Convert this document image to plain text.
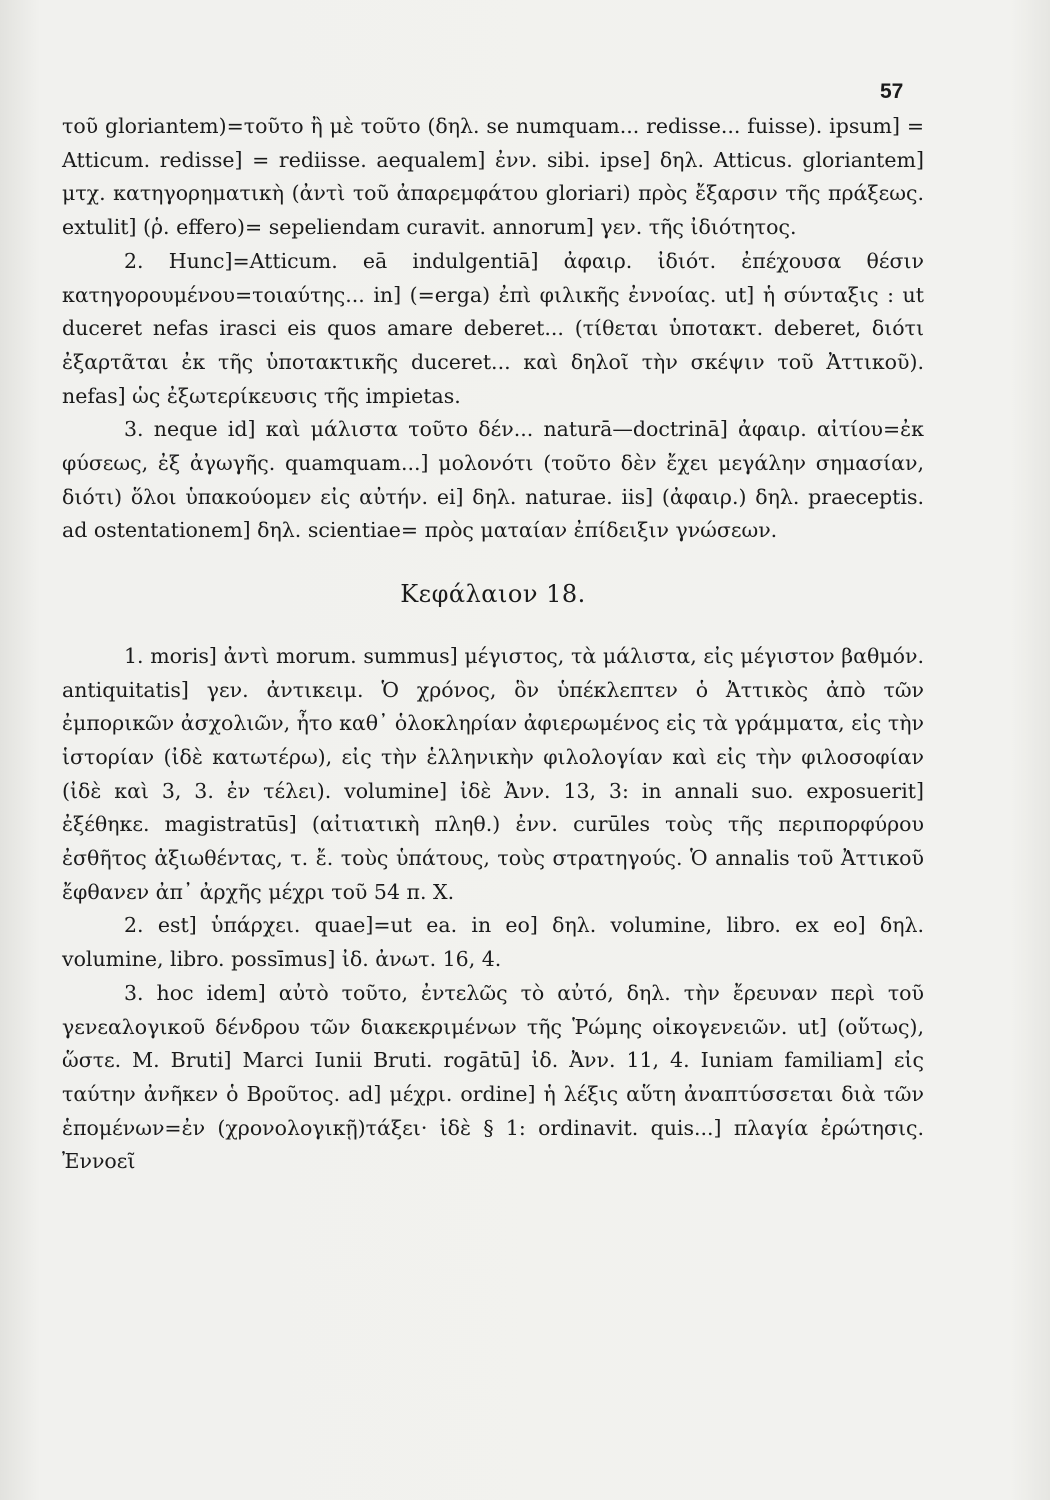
57

τοῦ gloriantem)=τοῦτο ἢ μὲ τοῦτο (δηλ. se numquam... redisse... fuisse). ipsum] = Atticum. redisse] = rediisse. aequalem] ἐνν. sibi. ipse] δηλ. Atticus. gloriantem] μτχ. κατηγορηματικὴ (ἀντὶ τοῦ ἀπαρεμφάτου gloriari) πρὸς ἔξαρσιν τῆς πράξεως. extulit] (ῥ. effero)= sepeliendam curavit. annorum] γεν. τῆς ἰδιότητος.

2. Hunc]=Atticum. eā indulgentiā] ἀφαιρ. ἰδιότ. ἐπέχουσα θέσιν κατηγορουμένου=τοιαύτης... in] (=erga) ἐπὶ φιλικῆς ἐννοίας. ut] ἡ σύνταξις : ut duceret nefas irasci eis quos amare deberet... (τίθεται ὑποτακτ. deberet, διότι ἐξαρτᾶται ἐκ τῆς ὑποτακτικῆς duceret... καὶ δηλοῖ τὴν σκέψιν τοῦ Ἀττικοῦ). nefas] ὡς ἐξωτερίκευσις τῆς impietas.

3. neque id] καὶ μάλιστα τοῦτο δέν... naturā—doctrinā] ἀφαιρ. αἰτίου=ἐκ φύσεως, ἐξ ἀγωγῆς. quamquam...] μολονότι (τοῦτο δὲν ἔχει μεγάλην σημασίαν, διότι) ὅλοι ὑπακούομεν εἰς αὐτήν. ei] δηλ. naturae. iis] (ἀφαιρ.) δηλ. praeceptis. ad ostentationem] δηλ. scientiae= πρὸς ματαίαν ἐπίδειξιν γνώσεων.

Κεφάλαιον 18.

1. moris] ἀντὶ morum. summus] μέγιστος, τὰ μάλιστα, εἰς μέγιστον βαθμόν. antiquitatis] γεν. ἀντικειμ. Ὁ χρόνος, ὃν ὑπέκλεπτεν ὁ Ἀττικὸς ἀπὸ τῶν ἐμπορικῶν ἀσχολιῶν, ἦτο καθ᾽ ὁλοκληρίαν ἀφιερωμένος εἰς τὰ γράμματα, εἰς τὴν ἱστορίαν (ἰδὲ κατωτέρω), εἰς τὴν ἑλληνικὴν φιλολογίαν καὶ εἰς τὴν φιλοσοφίαν (ἰδὲ καὶ 3, 3. ἐν τέλει). volumine] ἰδὲ Ἀνν. 13, 3: in annali suo. exposuerit] ἐξέθηκε. magistratūs] (αἰτιατικὴ πληθ.) ἐνν. curūles τοὺς τῆς περιπορφύρου ἐσθῆτος ἀξιωθέντας, τ. ἔ. τοὺς ὑπάτους, τοὺς στρατηγούς. Ὁ annalis τοῦ Ἀττικοῦ ἔφθανεν ἀπ᾽ ἀρχῆς μέχρι τοῦ 54 π. Χ.

2. est] ὑπάρχει. quae]=ut ea. in eo] δηλ. volumine, libro. ex eo] δηλ. volumine, libro. possīmus] ἰδ. ἀνωτ. 16, 4.

3. hoc idem] αὐτὸ τοῦτο, ἐντελῶς τὸ αὐτό, δηλ. τὴν ἔρευναν περὶ τοῦ γενεαλογικοῦ δένδρου τῶν διακεκριμένων τῆς Ῥώμης οἰκογενειῶν. ut] (οὕτως), ὥστε. M. Bruti] Marci Iunii Bruti. rogātū] ἰδ. Ἀνν. 11, 4. Iuniam familiam] εἰς ταύτην ἀνῆκεν ὁ Βροῦτος. ad] μέχρι. ordine] ἡ λέξις αὕτη ἀναπτύσσεται διὰ τῶν ἑπομένων=ἐν (χρονολογικῇ)τάξει· ἰδὲ § 1: ordinavit. quis...] πλαγία ἐρώτησις. Ἐννοεῖ
